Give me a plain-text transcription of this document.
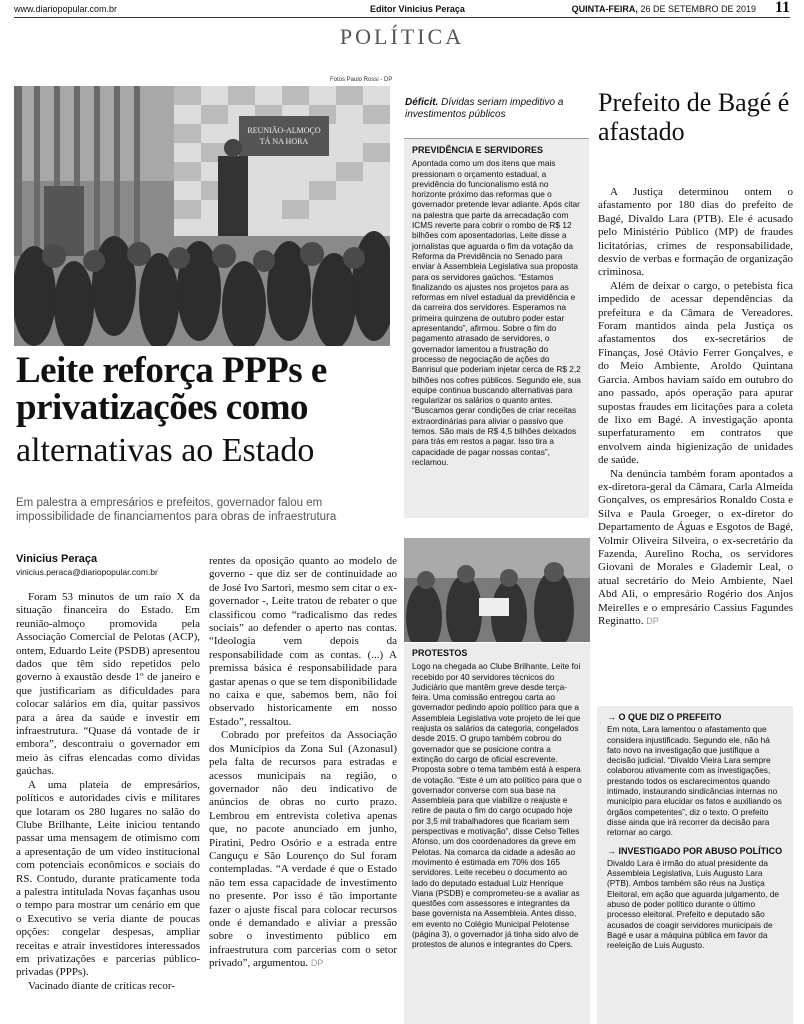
www.diariopopular.com.br	Editor Vinicius Peraça	QUINTA-FEIRA, 26 DE SETEMBRO DE 2019 11
POLÍTICA
Fotos Paulo Rossi - DP
REUNIÃO-ALMOÇO
TÁ NA HORA
Déficit. Dívidas seriam impeditivo a investimentos públicos
PREVIDÊNCIA E SERVIDORES
Apontada como um dos itens que mais pressionam o orçamento estadual, a previdência do funcionalismo está no horizonte próximo das reformas que o governador pretende levar adiante. Após citar na palestra que parte da arrecadação com ICMS reverte para cobrir o rombo de R$ 12 bilhões com aposentadorias, Leite disse a jornalistas que aguarda o fim da votação da Reforma da Previdência no Senado para enviar à Assembleia Legislativa sua proposta para os servidores gaúchos. “Estamos finalizando os ajustes nos projetos para as reformas em nível estadual da previdência e da carreira dos servidores. Esperamos na primeira quinzena de outubro poder estar apresentando”, afirmou. Sobre o fim do pagamento atrasado de servidores, o governador lamentou a frustração do processo de negociação de ações do Banrisul que poderiam injetar cerca de R$ 2,2 bilhões nos cofres públicos. Segundo ele, sua equipe continua buscando alternativas para regularizar os salários o quanto antes. “Buscamos gerar condições de criar receitas extraordinárias para aliviar o passivo que temos. São mais de R$ 4,5 bilhões deixados para trás em restos a pagar. Isso tira a capacidade de pagar nossas contas”, reclamou.
Leite reforça PPPs e privatizações como
alternativas ao Estado
Em palestra a empresários e prefeitos, governador falou em impossibilidade de financiamentos para obras de infraestrutura
Vinicius Peraça
vinicius.peraca@diariopopular.com.br

Foram 53 minutos de um raio X da situação financeira do Estado. Em reunião-almoço promovida pela Associação Comercial de Pelotas (ACP), ontem, Eduardo Leite (PSDB) apresentou dados que têm sido repetidos pelo governo à exaustão desde 1º de janeiro e que justificariam as dificuldades para colocar salários em dia, quitar passivos para a área da saúde e investir em infraestrutura. “Quase dá vontade de ir embora”, descontraiu o governador em meio às cifras elencadas como dívidas gaúchas.

A uma plateia de empresários, políticos e autoridades civis e militares que lotaram os 280 lugares no salão do Clube Brilhante, Leite iniciou tentando passar uma mensagem de otimismo com a apresentação de um vídeo institucional com potenciais econômicos e sociais do RS. Contudo, durante praticamente toda a palestra intitulada Novas façanhas usou o tempo para mostrar um cenário em que o Executivo se veria diante de poucas opções: congelar despesas, ampliar receitas e atrair investidores interessados em privatizações e parcerias público-privadas (PPPs).

Vacinado diante de críticas recor-

rentes da oposição quanto ao modelo de governo - que diz ser de continuidade ao de José Ivo Sartori, mesmo sem citar o ex-governador -, Leite tratou de rebater o que classificou como “radicalismo das redes sociais” ao defender o aperto nas contas. “Ideologia vem depois da responsabilidade com as contas. (...) A premissa básica é responsabilidade para gastar apenas o que se tem disponibilidade no caixa e que, sabemos bem, não foi observado historicamente em nosso Estado”, ressaltou.

Cobrado por prefeitos da Associação dos Municípios da Zona Sul (Azonasul) pela falta de recursos para estradas e acessos municipais na região, o governador não deu indicativo de anúncios de obras no curto prazo. Lembrou em entrevista coletiva apenas que, no pacote anunciado em junho, Piratini, Pedro Osório e a estrada entre Canguçu e São Lourenço do Sul foram contempladas. “A verdade é que o Estado não tem essa capacidade de investimento no presente. Por isso é tão importante fazer o ajuste fiscal para colocar recursos onde é demandado e aliviar a pressão sobre o investimento público em infraestrutura com parcerias com o setor privado”, argumentou. DP

PROTESTOS
Logo na chegada ao Clube Brilhante, Leite foi recebido por 40 servidores técnicos do Judiciário que mantêm greve desde terça-feira. Uma comissão entregou carta ao governador pedindo apoio político para que a Assembleia Legislativa vote projeto de lei que reajusta os salários da categoria, congelados desde 2015. O grupo também cobrou do governador que se posicione contra a extinção do cargo de oficial escrevente. Proposta sobre o tema também está à espera de votação. “Este é um ato político para que o governador converse com sua base na Assembleia para que viabilize o reajuste e retire de pauta o fim do cargo ocupado hoje por 3,5 mil trabalhadores que ficariam sem perspectivas e motivação”, disse Celso Telles Afonso, um dos coordenadores da greve em Pelotas. Na comarca da cidade a adesão ao movimento é estimada em 70% dos 165 servidores. Leite recebeu o documento ao lado do deputado estadual Luiz Henrique Viana (PSDB) e comprometeu-se a avaliar as questões com assessores e integrantes da base governista na Assembleia. Antes disso, em evento no Colégio Municipal Pelotense (página 3), o governador já tinha sido alvo de protestos de alunos e integrantes do Cpers.
Prefeito de Bagé é afastado

A Justiça determinou ontem o afastamento por 180 dias do prefeito de Bagé, Divaldo Lara (PTB). Ele é acusado pelo Ministério Público (MP) de fraudes licitatórias, crimes de responsabilidade, desvio de verbas e formação de organização criminosa.

Além de deixar o cargo, o petebista fica impedido de acessar dependências da prefeitura e da Câmara de Vereadores. Foram mantidos ainda pela Justiça os afastamentos dos ex-secretários de Finanças, José Otávio Ferrer Gonçalves, e do Meio Ambiente, Aroldo Quintana Garcia. Ambos haviam saído em outubro do ano passado, após operação para apurar supostas fraudes em licitações para a coleta de lixo em Bagé. A investigação aponta superfaturamento em contratos que envolvem ainda higienização de unidades de saúde.

Na denúncia também foram apontados a ex-diretora-geral da Câmara, Carla Almeida Gonçalves, os empresários Ronaldo Costa e Silva e Paula Groeger, o ex-diretor do Departamento de Águas e Esgotos de Bagé, Volmir Oliveira Silveira, o ex-secretário da Fazenda, Aurelino Rocha, os servidores Giovani de Morales e Glademir Leal, o atual secretário do Meio Ambiente, Nael Abd Ali, o empresário Rogério dos Anjos Meirelles e o empresário Cassius Fagundes Reginatto. DP

→ O QUE DIZ O PREFEITO

Em nota, Lara lamentou o afastamento que considera injustificado. Segundo ele, não há fato novo na investigação que justifique a decisão judicial. “Divaldo Vieira Lara sempre colaborou ativamente com as investigações, prestando todos os esclarecimentos quando intimado, instaurando sindicâncias internas no município para elucidar os fatos e auxiliando os órgãos competentes”, diz o texto. O prefeito disse ainda que irá recorrer da decisão para retornar ao cargo.

→ INVESTIGADO POR ABUSO POLÍTICO

Divaldo Lara é irmão do atual presidente da Assembleia Legislativa, Luis Augusto Lara (PTB). Ambos também são réus na Justiça Eleitoral, em ação que aguarda julgamento, de abuso de poder político durante o último processo eleitoral. Prefeito e deputado são acusados de coagir servidores municipais de Bagé e usar a máquina pública em favor da reeleição de Luis Augusto.
